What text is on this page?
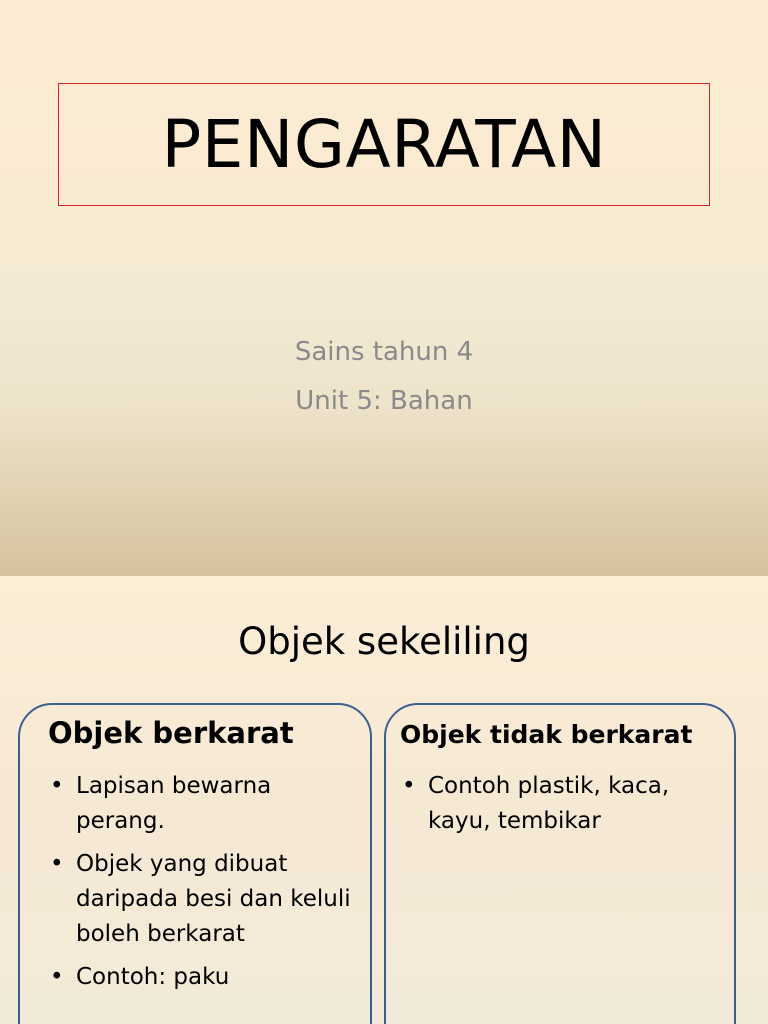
PENGARATAN
Sains tahun 4
Unit 5: Bahan
Objek sekeliling
Objek berkarat
• Lapisan bewarna perang.
• Objek yang dibuat daripada besi dan keluli boleh berkarat
• Contoh: paku
Objek tidak berkarat
• Contoh plastik, kaca, kayu, tembikar
